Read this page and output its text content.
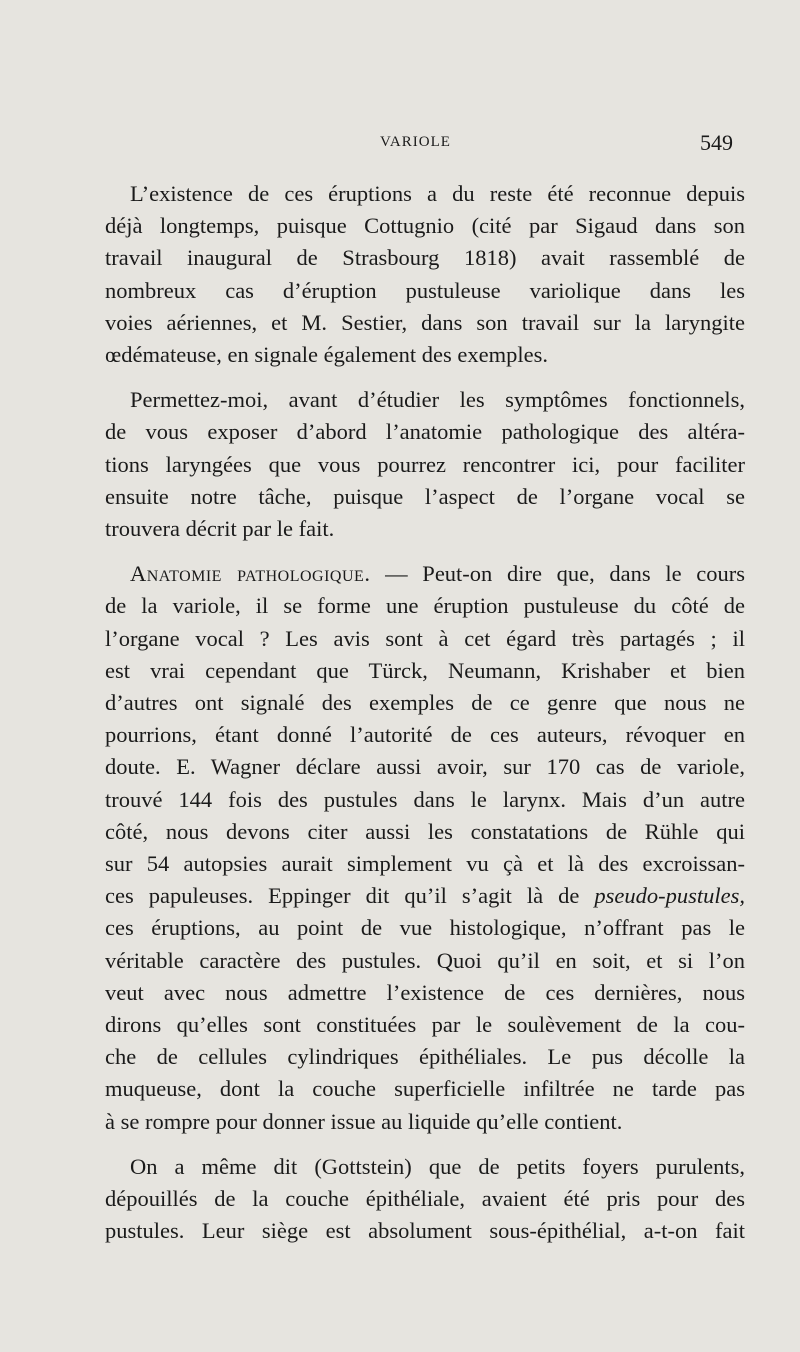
VARIOLE	549
L’existence de ces éruptions a du reste été reconnue depuis
déjà longtemps, puisque Cottugnio (cité par Sigaud dans son
travail inaugural de Strasbourg 1818) avait rassemblé de
nombreux cas d’éruption pustuleuse variolique dans les
voies aériennes, et M. Sestier, dans son travail sur la laryngite
œdémateuse, en signale également des exemples.
Permettez-moi, avant d’étudier les symptômes fonctionnels,
de vous exposer d’abord l’anatomie pathologique des altéra-
tions laryngées que vous pourrez rencontrer ici, pour faciliter
ensuite notre tâche, puisque l’aspect de l’organe vocal se
trouvera décrit par le fait.
Anatomie pathologique. — Peut-on dire que, dans le cours
de la variole, il se forme une éruption pustuleuse du côté de
l’organe vocal ? Les avis sont à cet égard très partagés ; il
est vrai cependant que Türck, Neumann, Krishaber et bien
d’autres ont signalé des exemples de ce genre que nous ne
pourrions, étant donné l’autorité de ces auteurs, révoquer en
doute. E. Wagner déclare aussi avoir, sur 170 cas de variole,
trouvé 144 fois des pustules dans le larynx. Mais d’un autre
côté, nous devons citer aussi les constatations de Rühle qui
sur 54 autopsies aurait simplement vu çà et là des excroissan-
ces papuleuses. Eppinger dit qu’il s’agit là de pseudo-pustules,
ces éruptions, au point de vue histologique, n’offrant pas le
véritable caractère des pustules. Quoi qu’il en soit, et si l’on
veut avec nous admettre l’existence de ces dernières, nous
dirons qu’elles sont constituées par le soulèvement de la cou-
che de cellules cylindriques épithéliales. Le pus décolle la
muqueuse, dont la couche superficielle infiltrée ne tarde pas
à se rompre pour donner issue au liquide qu’elle contient.
On a même dit (Gottstein) que de petits foyers purulents,
dépouillés de la couche épithéliale, avaient été pris pour des
pustules. Leur siège est absolument sous-épithélial, a-t-on fait
